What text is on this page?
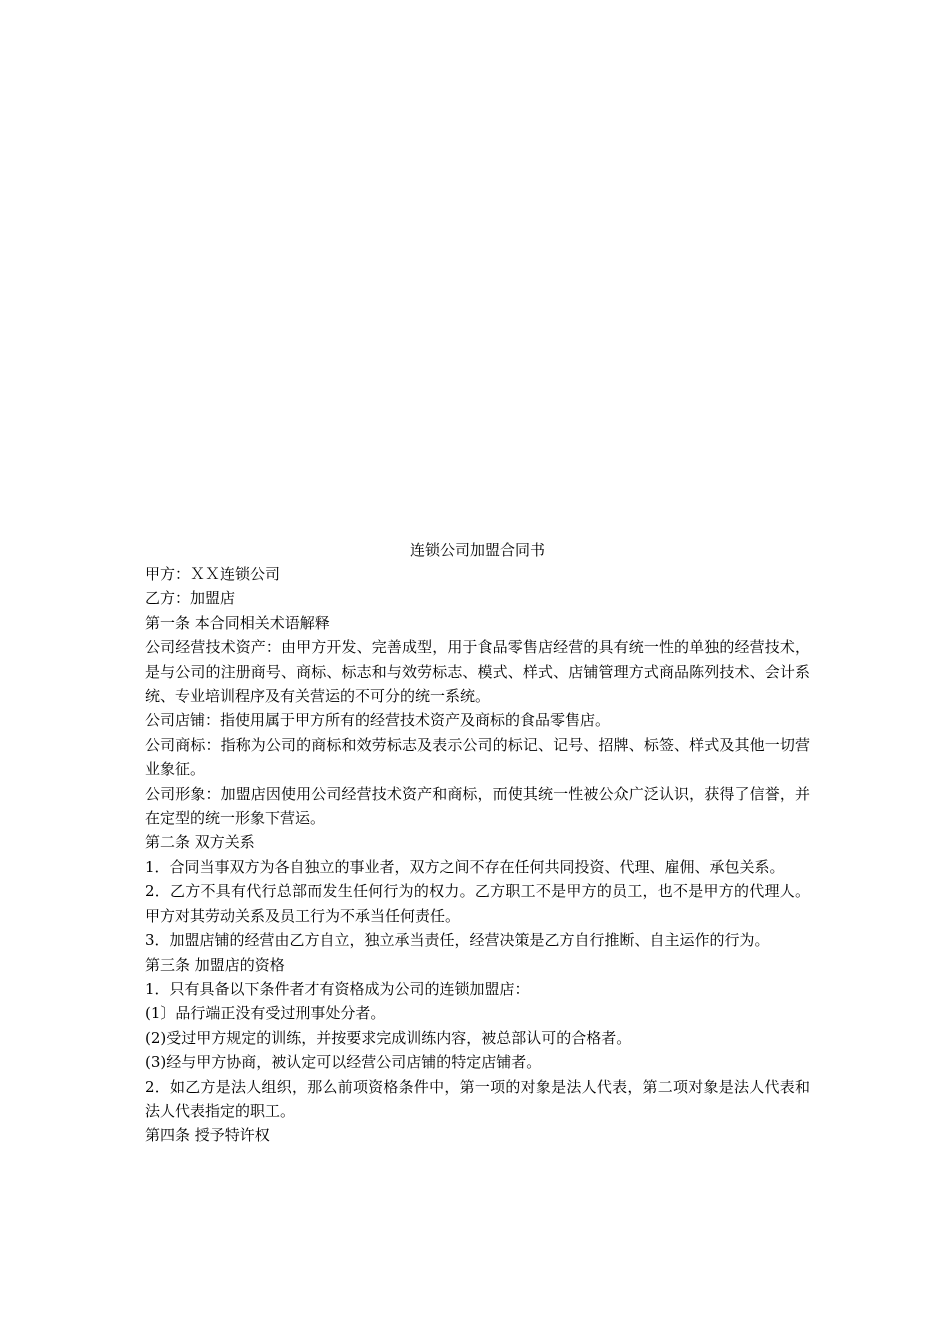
连锁公司加盟合同书

甲方：ＸＸ连锁公司

乙方：加盟店

第一条 本合同相关术语解释

公司经营技术资产：由甲方开发、完善成型，用于食品零售店经营的具有统一性的单独的经营技术，是与公司的注册商号、商标、标志和与效劳标志、模式、样式、店铺管理方式商品陈列技术、会计系统、专业培训程序及有关营运的不可分的统一系统。

公司店铺：指使用属于甲方所有的经营技术资产及商标的食品零售店。

公司商标：指称为公司的商标和效劳标志及表示公司的标记、记号、招牌、标签、样式及其他一切营业象征。

公司形象：加盟店因使用公司经营技术资产和商标，而使其统一性被公众广泛认识，获得了信誉，并在定型的统一形象下营运。

第二条 双方关系

1．合同当事双方为各自独立的事业者，双方之间不存在任何共同投资、代理、雇佣、承包关系。

2．乙方不具有代行总部而发生任何行为的权力。乙方职工不是甲方的员工，也不是甲方的代理人。甲方对其劳动关系及员工行为不承当任何责任。

3．加盟店铺的经营由乙方自立，独立承当责任，经营决策是乙方自行推断、自主运作的行为。

第三条 加盟店的资格

1．只有具备以下条件者才有资格成为公司的连锁加盟店：

(1〕品行端正没有受过刑事处分者。

(2)受过甲方规定的训练，并按要求完成训练内容，被总部认可的合格者。

(3)经与甲方协商，被认定可以经营公司店铺的特定店铺者。

2．如乙方是法人组织，那么前项资格条件中，第一项的对象是法人代表，第二项对象是法人代表和法人代表指定的职工。

第四条 授予特许权
